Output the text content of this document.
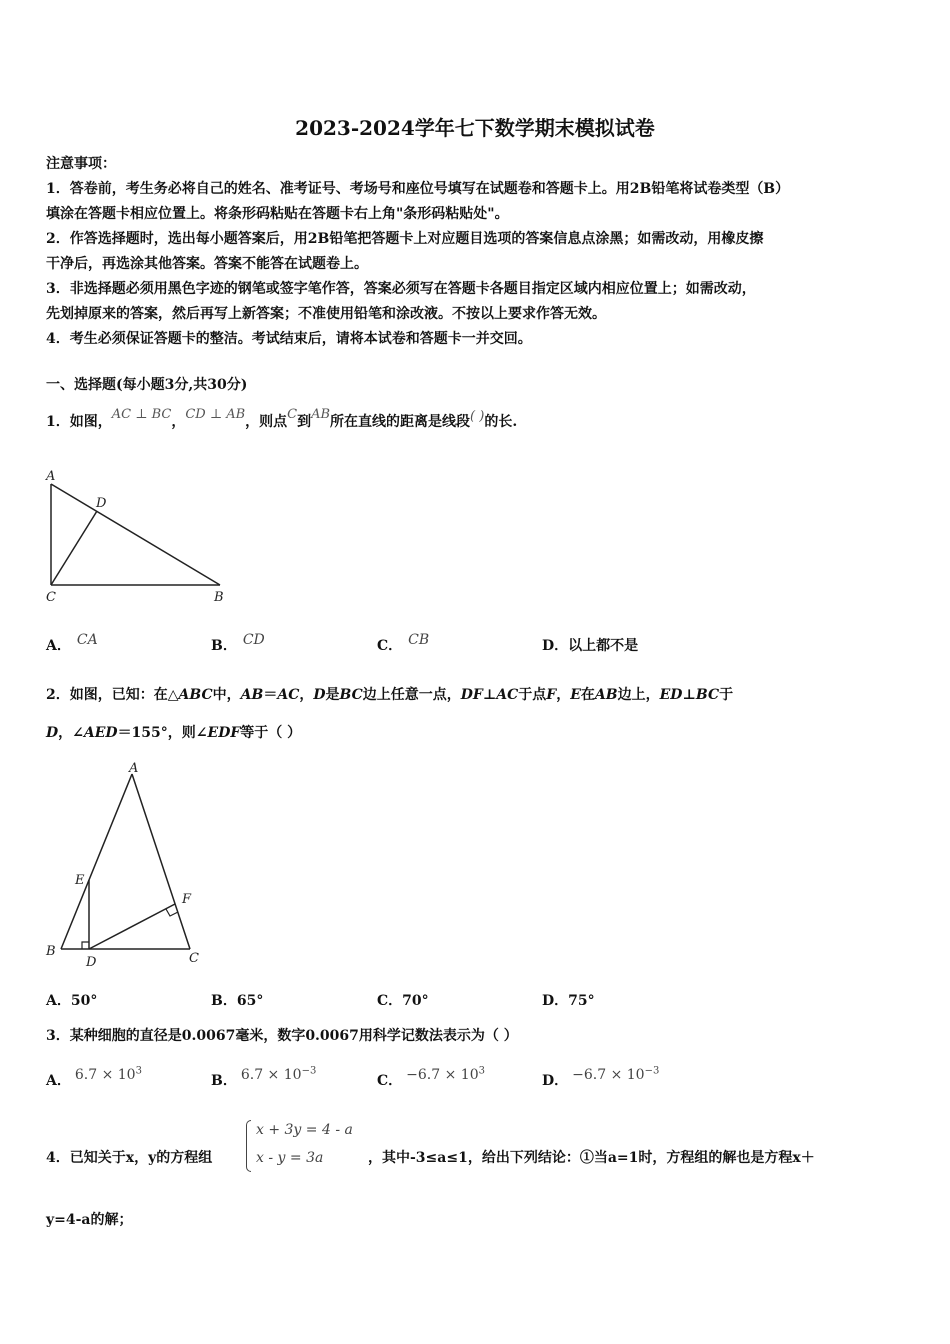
2023-2024学年七下数学期末模拟试卷
注意事项：
1．答卷前，考生务必将自己的姓名、准考证号、考场号和座位号填写在试题卷和答题卡上。用2B铅笔将试卷类型（B）
填涂在答题卡相应位置上。将条形码粘贴在答题卡右上角"条形码粘贴处"。
2．作答选择题时，选出每小题答案后，用2B铅笔把答题卡上对应题目选项的答案信息点涂黑；如需改动，用橡皮擦
干净后，再选涂其他答案。答案不能答在试题卷上。
3．非选择题必须用黑色字迹的钢笔或签字笔作答，答案必须写在答题卡各题目指定区域内相应位置上；如需改动，
先划掉原来的答案，然后再写上新答案；不准使用铅笔和涂改液。不按以上要求作答无效。
4．考生必须保证答题卡的整洁。考试结束后，请将本试卷和答题卡一并交回。
一、选择题(每小题3分,共30分)
1．如图，AC ⊥ BC，CD ⊥ AB，则点C到AB所在直线的距离是线段( )的长.
A
D
C	B
A． CA	B． CD	C． CB	D．以上都不是
2．如图，已知：在△ABC中，AB＝AC，D是BC边上任意一点，DF⊥AC于点F，E在AB边上，ED⊥BC于
D，∠AED＝155°，则∠EDF等于（ ）
A
E
F
B
D	C
A．50°	B．65°	C．70°	D．75°
3．某种细胞的直径是0.0067毫米，数字0.0067用科学记数法表示为（ ）
A． $6.7 \times 10^3$
B． $6.7 \times 10^{-3}$
C． $-6.7 \times 10^3$
D． $-6.7 \times 10^{-3}$
4．已知关于x，y的方程组
x + 3y = 4 - a
x - y = 3a	，其中-3≤a≤1，给出下列结论：①当a=1时，方程组的解也是方程x＋
y=4-a的解；
